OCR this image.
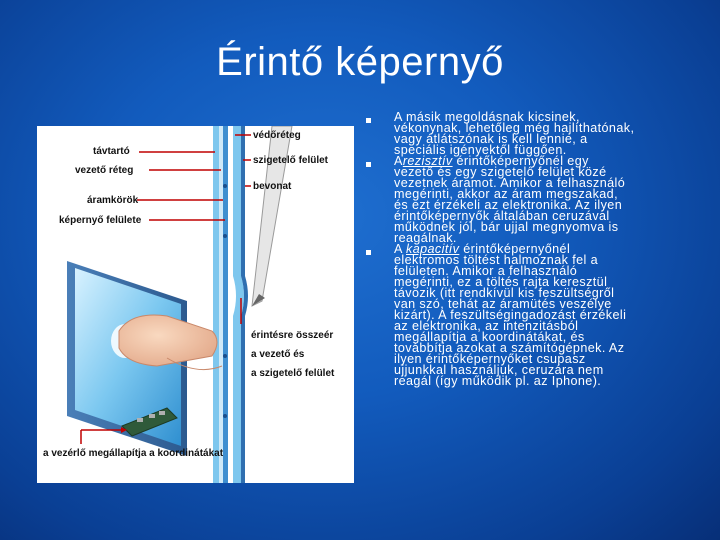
Érintő képernyő
távtartó
vezető réteg
áramkörök
képernyő felülete
védőréteg
szigetelő felület
bevonat
érintésre összeér
a vezető és
a szigetelő felület
a vezérlő megállapítja a koordinátákat
A másik megoldásnak kicsinek,
vékonynak, lehetőleg még hajlíthatónak,
vagy átlátszónak is kell lennie, a
speciális igényektől függően.
Arezisztív érintőképernyőnél egy
vezető és egy szigetelő felület közé
vezetnek áramot. Amikor a felhasználó
megérinti, akkor az áram megszakad,
és ezt érzékeli az elektronika. Az ilyen
érintőképernyők általában ceruzával
működnek jól, bár ujjal megnyomva is
reagálnak.
A kapacitív érintőképernyőnél
elektromos töltést halmoznak fel a
felületen. Amikor a felhasználó
megérinti, ez a töltés rajta keresztül
távozik (itt rendkívül kis feszültségről
van szó, tehát az áramütés veszélye
kizárt). A feszültségingadozást érzékeli
az elektronika, az intenzitásból
megállapítja a koordinátákat, és
továbbítja azokat a számítógépnek. Az
ilyen érintőképernyőket csupasz
ujjunkkal használjuk, ceruzára nem
reagál (így működik pl. az Iphone).
